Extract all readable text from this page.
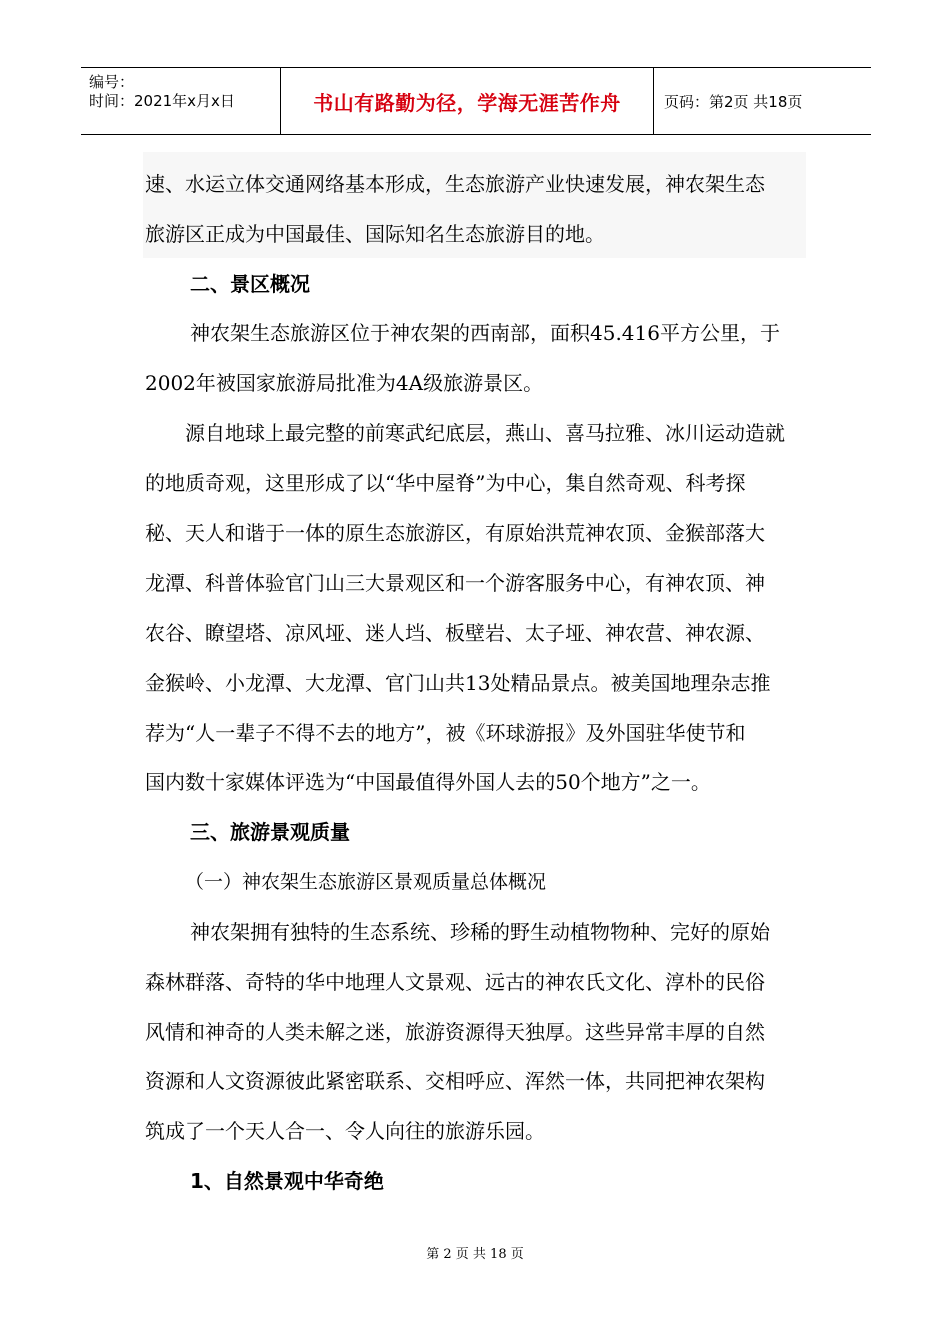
编号：
时间：2021年x月x日	书山有路勤为径，学海无涯苦作舟	页码：第2页 共18页
速、水运立体交通网络基本形成，生态旅游产业快速发展，神农架生态
旅游区正成为中国最佳、国际知名生态旅游目的地。
二、景区概况
神农架生态旅游区位于神农架的西南部，面积45.416平方公里，于
2002年被国家旅游局批准为4A级旅游景区。
源自地球上最完整的前寒武纪底层，燕山、喜马拉雅、冰川运动造就
的地质奇观，这里形成了以“华中屋脊”为中心，集自然奇观、科考探
秘、天人和谐于一体的原生态旅游区，有原始洪荒神农顶、金猴部落大
龙潭、科普体验官门山三大景观区和一个游客服务中心，有神农顶、神
农谷、瞭望塔、凉风垭、迷人垱、板壁岩、太子垭、神农营、神农源、
金猴岭、小龙潭、大龙潭、官门山共13处精品景点。被美国地理杂志推
荐为“人一辈子不得不去的地方”，被《环球游报》及外国驻华使节和
国内数十家媒体评选为“中国最值得外国人去的50个地方”之一。
三、旅游景观质量
（一）神农架生态旅游区景观质量总体概况
神农架拥有独特的生态系统、珍稀的野生动植物物种、完好的原始
森林群落、奇特的华中地理人文景观、远古的神农氏文化、淳朴的民俗
风情和神奇的人类未解之迷，旅游资源得天独厚。这些异常丰厚的自然
资源和人文资源彼此紧密联系、交相呼应、浑然一体，共同把神农架构
筑成了一个天人合一、令人向往的旅游乐园。
1、自然景观中华奇绝
第 2 页 共 18 页
